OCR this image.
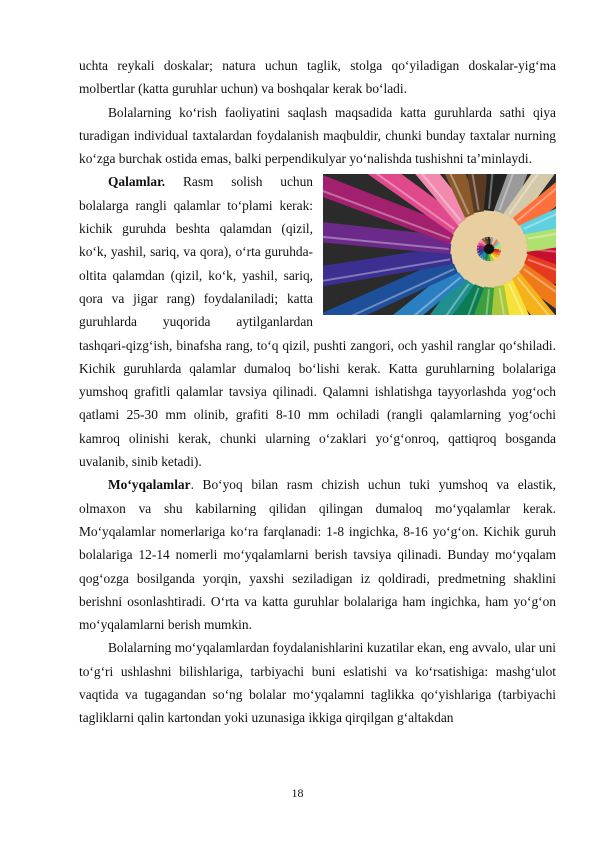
uchta reykali doskalar; natura uchun taglik, stolga qo‘yiladigan doskalar-yig‘ma molbertlar (katta guruhlar uchun) va boshqalar kerak bo‘ladi.

Bolalarning ko‘rish faoliyatini saqlash maqsadida katta guruhlarda sathi qiya turadigan individual taxtalardan foydalanish maqbuldir, chunki bunday taxtalar nurning ko‘zga burchak ostida emas, balki perpendikulyar yo‘nalishda tushishni ta’minlaydi.

Qalamlar. Rasm solish uchun bolalarga rangli qalamlar to‘plami kerak: kichik guruhda beshta qalamdan (qizil, ko‘k, yashil, sariq, va qora), o‘rta guruhda-oltita qalamdan (qizil, ko‘k, yashil, sariq, qora va jigar rang) foydalaniladi; katta guruhlarda yuqorida aytilganlardan tashqari-qizg‘ish, binafsha rang, to‘q qizil, pushti zangori, och yashil ranglar qo‘shiladi. Kichik guruhlarda qalamlar dumaloq bo‘lishi kerak. Katta guruhlarning bolalariga yumshoq grafitli qalamlar tavsiya qilinadi. Qalamni ishlatishga tayyorlashda yog‘och qatlami 25-30 mm olinib, grafiti 8-10 mm ochiladi (rangli qalamlarning yog‘ochi kamroq olinishi kerak, chunki ularning o‘zaklari yo‘g‘onroq, qattiqroq bosganda uvalanib, sinib ketadi).

Mo‘yqalamlar. Bo‘yoq bilan rasm chizish uchun tuki yumshoq va elastik, olmaxon va shu kabilarning qilidan qilingan dumaloq mo‘yqalamlar kerak. Mo‘yqalamlar nomerlariga ko‘ra farqlanadi: 1-8 ingichka, 8-16 yo‘g‘on. Kichik guruh bolalariga 12-14 nomerli mo‘yqalamlarni berish tavsiya qilinadi. Bunday mo‘yqalam qog‘ozga bosilganda yorqin, yaxshi seziladigan iz qoldiradi, predmetning shaklini berishni osonlashtiradi. O‘rta va katta guruhlar bolalariga ham ingichka, ham yo‘g‘on mo‘yqalamlarni berish mumkin.

Bolalarning mo‘yqalamlardan foydalanishlarini kuzatilar ekan, eng avvalo, ular uni to‘g‘ri ushlashni bilishlariga, tarbiyachi buni eslatishi va ko‘rsatishiga: mashg‘ulot vaqtida va tugagandan so‘ng bolalar mo‘yqalamni taglikka qo‘yishlariga (tarbiyachi tagliklarni qalin kartondan yoki uzunasiga ikkiga qirqilgan g‘altakdan

18
